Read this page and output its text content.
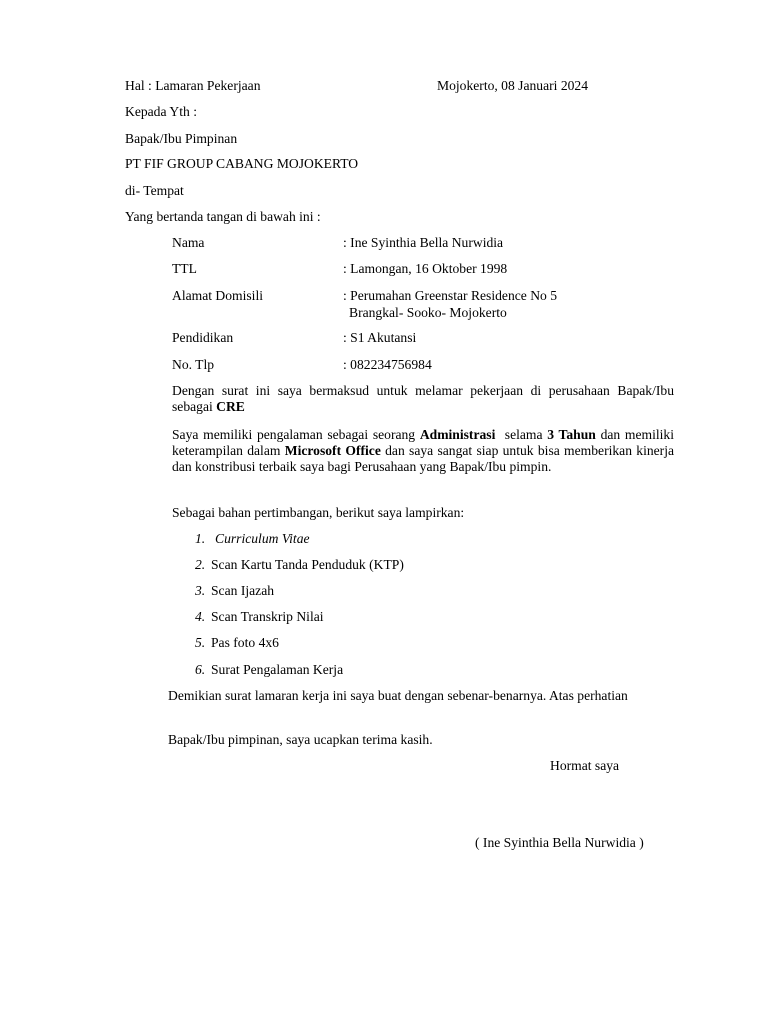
Hal : Lamaran Pekerjaan	Mojokerto, 08 Januari 2024
Kepada Yth :
Bapak/Ibu Pimpinan
PT FIF GROUP CABANG MOJOKERTO
di- Tempat
Yang bertanda tangan di bawah ini :
Nama	: Ine Syinthia Bella Nurwidia
TTL	: Lamongan, 16 Oktober 1998
Alamat Domisili	: Perumahan Greenstar Residence No 5
Brangkal- Sooko- Mojokerto
Pendidikan	: S1 Akutansi
No. Tlp	: 082234756984
Dengan surat ini saya bermaksud untuk melamar pekerjaan di perusahaan Bapak/Ibu sebagai CRE
Saya memiliki pengalaman sebagai seorang Administrasi  selama 3 Tahun dan memiliki keterampilan dalam Microsoft Office dan saya sangat siap untuk bisa memberikan kinerja dan konstribusi terbaik saya bagi Perusahaan yang Bapak/Ibu pimpin.
Sebagai bahan pertimbangan, berikut saya lampirkan:
1. Curriculum Vitae
2. Scan Kartu Tanda Penduduk (KTP)
3. Scan Ijazah
4. Scan Transkrip Nilai
5. Pas foto 4x6
6. Surat Pengalaman Kerja
Demikian surat lamaran kerja ini saya buat dengan sebenar-benarnya. Atas perhatian
Bapak/Ibu pimpinan, saya ucapkan terima kasih.
Hormat saya
( Ine Syinthia Bella Nurwidia )
